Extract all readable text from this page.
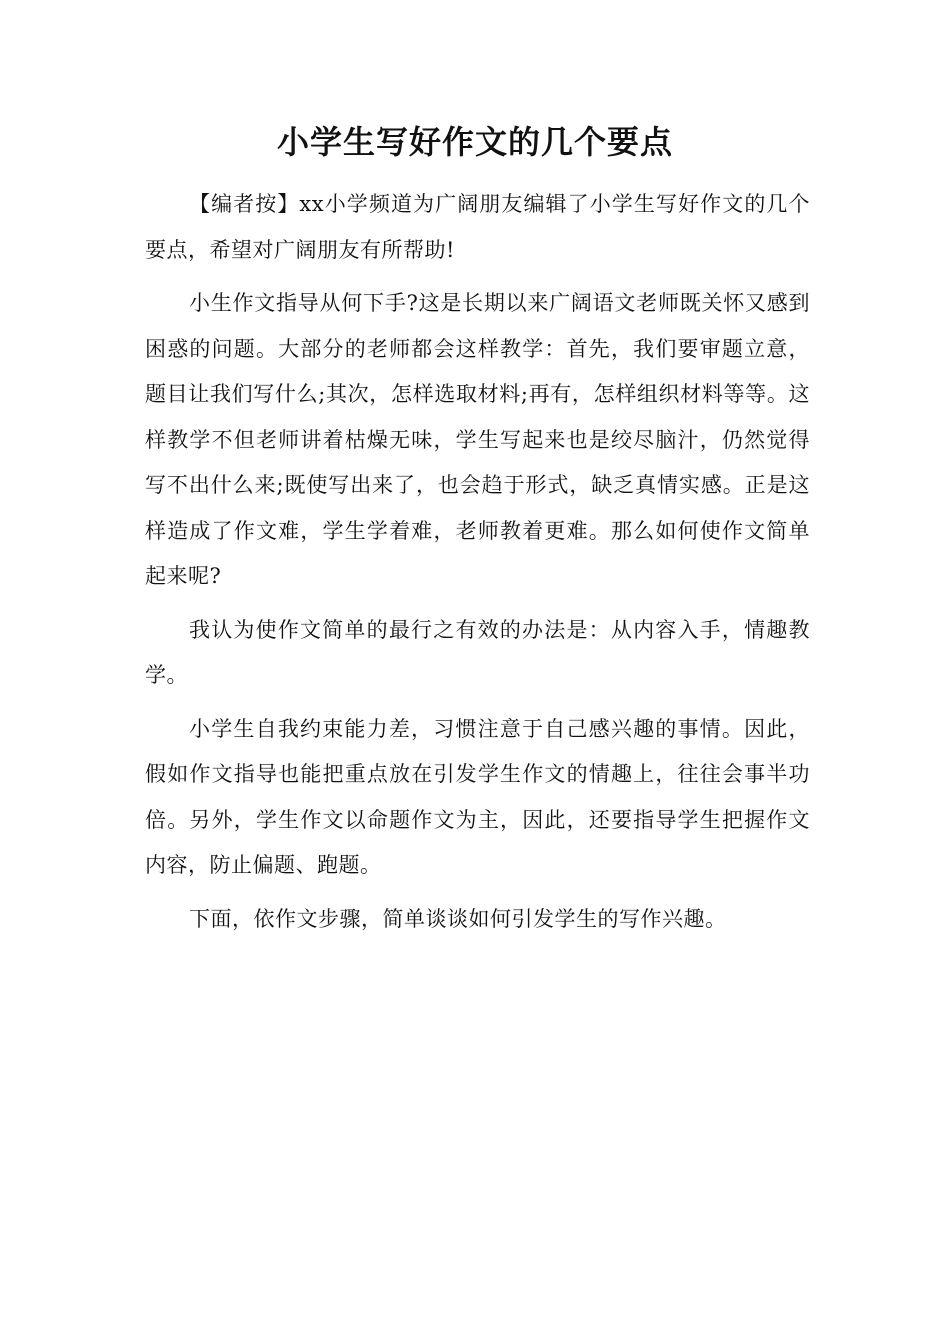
小学生写好作文的几个要点

【编者按】xx小学频道为广阔朋友编辑了小学生写好作文的几个要点，希望对广阔朋友有所帮助!

小生作文指导从何下手?这是长期以来广阔语文老师既关怀又感到困惑的问题。大部分的老师都会这样教学：首先，我们要审题立意，题目让我们写什么;其次，怎样选取材料;再有，怎样组织材料等等。这样教学不但老师讲着枯燥无味，学生写起来也是绞尽脑汁，仍然觉得写不出什么来;既使写出来了，也会趋于形式，缺乏真情实感。正是这样造成了作文难，学生学着难，老师教着更难。那么如何使作文简单起来呢?

我认为使作文简单的最行之有效的办法是：从内容入手，情趣教学。

小学生自我约束能力差，习惯注意于自己感兴趣的事情。因此，假如作文指导也能把重点放在引发学生作文的情趣上，往往会事半功倍。另外，学生作文以命题作文为主，因此，还要指导学生把握作文内容，防止偏题、跑题。

下面，依作文步骤，简单谈谈如何引发学生的写作兴趣。
